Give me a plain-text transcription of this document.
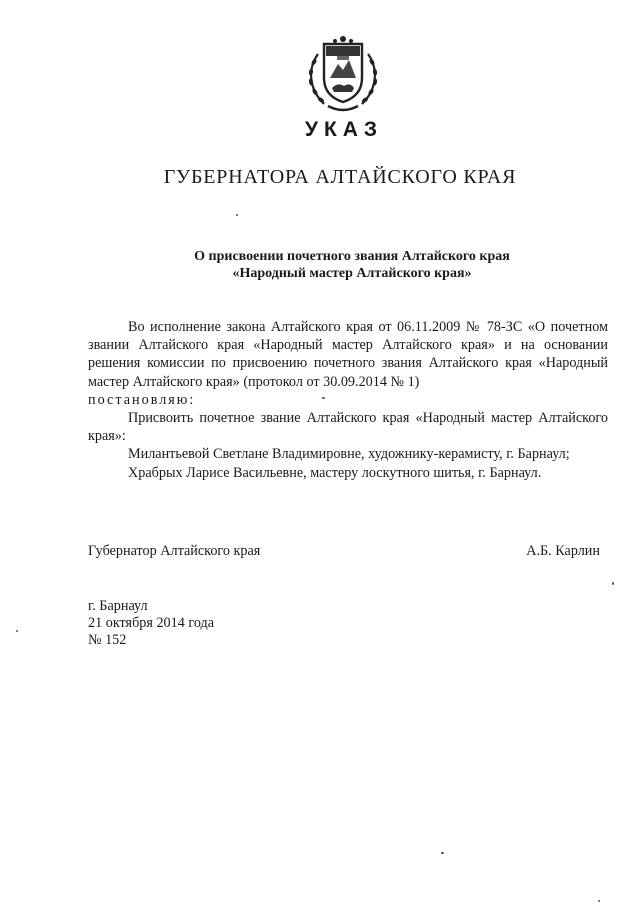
УКАЗ
ГУБЕРНАТОРА АЛТАЙСКОГО КРАЯ
О присвоении почетного звания Алтайского края
«Народный мастер Алтайского края»

Во исполнение закона Алтайского края от 06.11.2009 № 78-ЗС «О почетном звании Алтайского края «Народный мастер Алтайского края» и на основании решения комиссии по присвоению почетного звания Алтайского края «Народный мастер Алтайского края» (протокол от 30.09.2014 № 1)

постановляю:

Присвоить почетное звание Алтайского края «Народный мастер Алтайского края»:

Милантьевой Светлане Владимировне, художнику-керамисту, г. Барнаул;

Храбрых Ларисе Васильевне, мастеру лоскутного шитья, г. Барнаул.

Губернатор Алтайского края	А.Б. Карлин
г. Барнаул
21 октября 2014 года
№ 152
